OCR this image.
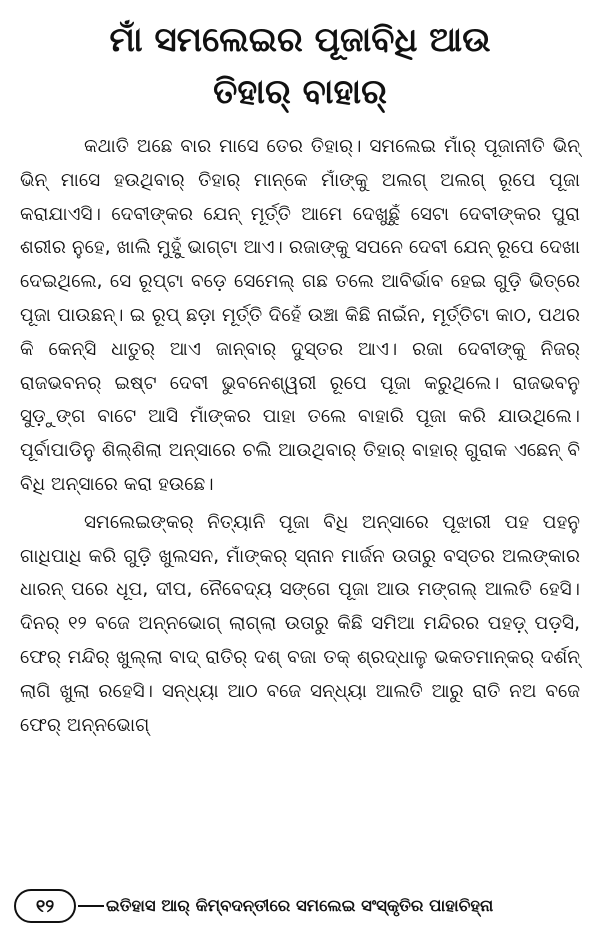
ମାଁ ସମଲେଇର ପୂଜାବିଧି ଆଉ
ତିହାର୍ ବାହାର୍

କଥାତି ଅଛେ ବାର ମାସେ ତେର ତିହାର୍। ସମଲେଇ ମାଁର୍ ପୂଜାନୀତି ଭିନ୍ ଭିନ୍ ମାସେ ହଉଥିବାର୍ ତିହାର୍ ମାନ୍‌କେ ମାଁଙ୍କୁ ଅଲଗ୍ ଅଲଗ୍ ରୂପେ ପୂଜା କରାଯାଏସି। ଦେବୀଙ୍କର ଯେନ୍ ମୂର୍ତ୍ତି ଆମେ ଦେଖୁଛୁଁ ସେଟା ଦେବୀଙ୍କର ପୁରା ଶରୀର ନୁହେ, ଖାଲି ମୁହୁଁ ଭାଗ୍‌ଟା ଆଏ। ରଜାଙ୍କୁ ସପନେ ଦେବୀ ଯେନ୍ ରୂପେ ଦେଖା ଦେଇଥିଲେ, ସେ ରୂପ୍‌ଟା ବଡ଼େ ସେମେଲ୍ ଗଛ ତଲେ ଆବିର୍ଭାବ ହେଇ ଗୁଡ଼ି ଭିତ୍ରେ ପୂଜା ପାଉଛନ୍। ଇ ରୂପ୍ ଛଡ଼ା ମୂର୍ତ୍ତି ଦିହେଁ ଉଞ୍ଚା କିଛି ନାଇଁନ, ମୂର୍ତ୍ତିଟା କାଠ, ପଥର କି କେନ୍‌ସି ଧାତୁର୍ ଆଏ ଜାନ୍‌ବାର୍ ଦୁସ୍ତର ଆଏ। ରଜା ଦେବୀଙ୍କୁ ନିଜର୍ ରାଜଭବନର୍ ଇଷ୍ଟ ଦେବୀ ଭୁବନେଶ୍ୱରୀ ରୂପେ ପୂଜା କରୁଥିଲେ। ରାଜଭବନୁ ସୁଡ଼ୁଙ୍ଗ ବାଟେ ଆସି ମାଁଙ୍କର ପାହା ତଲେ ବାହାରି ପୂଜା କରି ଯାଉଥିଲେ। ପୂର୍ବାପାଡିନୁ ଶିଲ୍‌ଶିଲା ଅନ୍‌ସାରେ ଚଲି ଆଉଥିବାର୍ ତିହାର୍ ବାହାର୍ ଗୁରାକ ଏଛେନ୍ ବି ବିଧି ଅନ୍‌ସାରେ କରା ହଉଛେ।

ସମଲେଇଙ୍କର୍ ନିତ୍ୟାନି ପୂଜା ବିଧି ଅନ୍‌ସାରେ ପୂଝାରୀ ପହ ପହନୁ ଗାଧିପାଧି କରି ଗୁଡ଼ି ଖୁଲସନ, ମାଁଙ୍କର୍ ସ୍ନାନ ମାର୍ଜନ ଉତାରୁ ବସ୍ତର ଅଲଙ୍କାର ଧାରନ୍ ପରେ ଧୂପ, ଦୀପ, ନୈବେଦ୍ୟ ସଙ୍ଗେ ପୂଜା ଆଉ ମଙ୍ଗଲ୍ ଆଲତି ହେସି। ଦିନର୍ ୧୨ ବଜେ ଅନ୍ନଭୋଗ୍ ଲାଗ୍‌ଲା ଉତାରୁ କିଛି ସମିଆ ମନ୍ଦିରର ପହଡ଼୍ ପଡ଼ସି, ଫେର୍ ମନ୍ଦିର୍ ଖୁଲ୍‌ଲା ବାଦ୍ ରାତିର୍ ଦଶ୍ ବଜା ତକ୍ ଶ୍ରଦ୍ଧାଳୁ ଭକତମାନ୍‌କର୍ ଦର୍ଶନ୍ ଲାଗି ଖୁଲା ରହେସି। ସନ୍ଧ୍ୟା ଆଠ ବଜେ ସନ୍ଧ୍ୟା ଆଲତି ଆରୁ ରାତି ନଅ ବଜେ ଫେର୍ ଅନ୍ନଭୋଗ୍

୧୨	ଇତିହାସ ଆର୍ କିମ୍ବଦନ୍ତୀରେ ସମଲେଇ ସଂସ୍କୃତିର ପାହାଚିହ୍ନା
